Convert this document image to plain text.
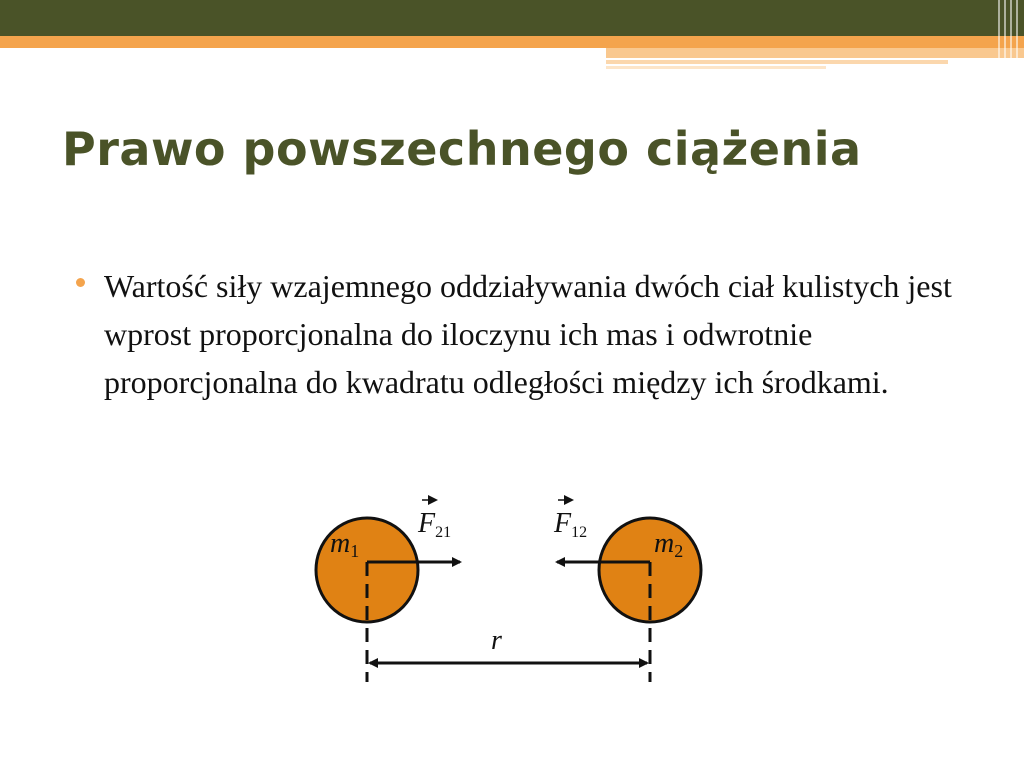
Prawo powszechnego ciążenia
Wartość siły wzajemnego oddziaływania dwóch ciał kulistych jest wprost proporcjonalna do iloczynu ich mas i odwrotnie proporcjonalna do kwadratu odległości między ich środkami.
m1	m2
F21	F12
r
